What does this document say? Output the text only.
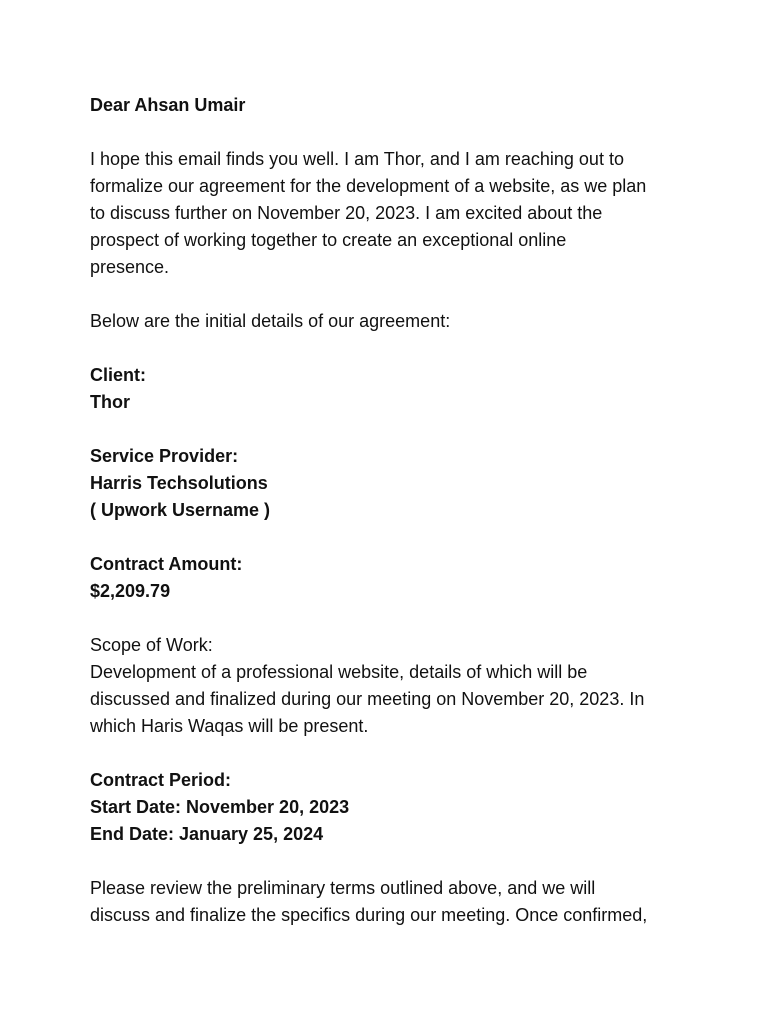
Dear Ahsan Umair
I hope this email finds you well. I am Thor, and I am reaching out to
formalize our agreement for the development of a website, as we plan
to discuss further on November 20, 2023. I am excited about the
prospect of working together to create an exceptional online
presence.
Below are the initial details of our agreement:
Client:
Thor
Service Provider:
Harris Techsolutions
( Upwork Username )
Contract Amount:
$2,209.79
Scope of Work:
Development of a professional website, details of which will be
discussed and finalized during our meeting on November 20, 2023. In
which Haris Waqas will be present.
Contract Period:
Start Date: November 20, 2023
End Date: January 25, 2024
Please review the preliminary terms outlined above, and we will
discuss and finalize the specifics during our meeting. Once confirmed,
